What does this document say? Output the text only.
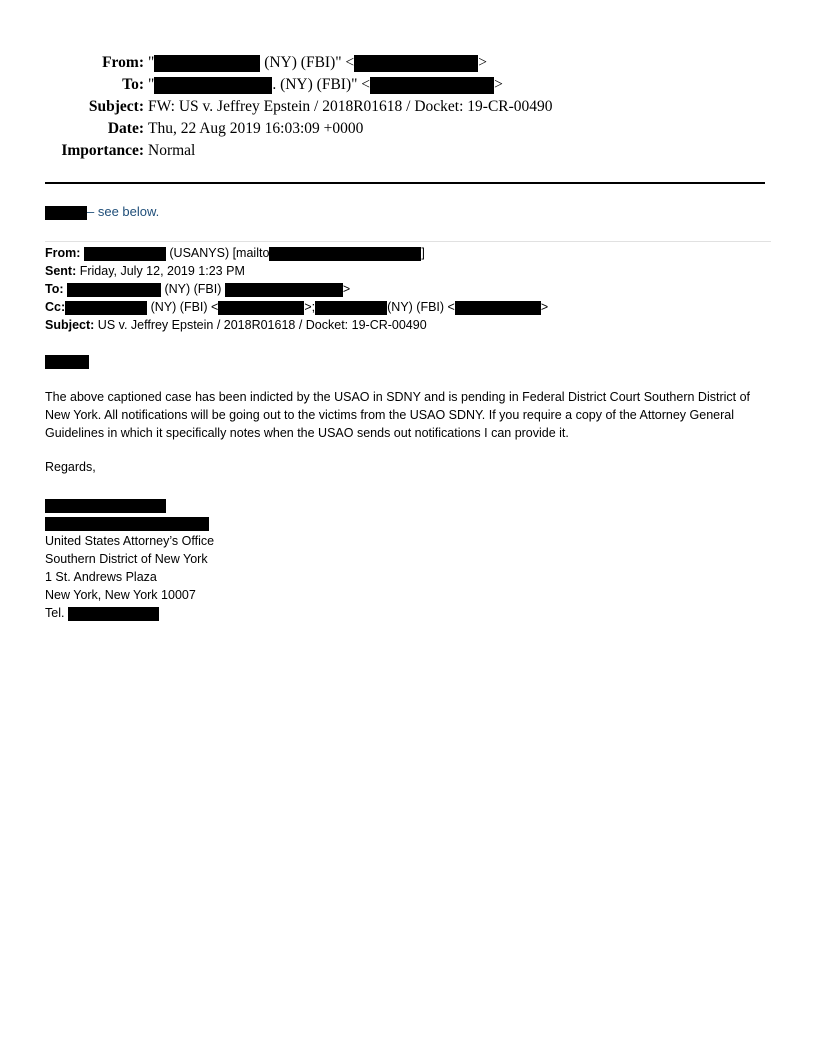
From: "	(NY) (FBI)" <	>
To: "	. (NY) (FBI)" <	>
Subject: FW: US v. Jeffrey Epstein / 2018R01618 / Docket: 19-CR-00490
Date: Thu, 22 Aug 2019 16:03:09 +0000
Importance: Normal
– see below.
From:	(USANYS) [mailto	]
Sent: Friday, July 12, 2019 1:23 PM
To:	(NY) (FBI)	>
Cc:	(NY) (FBI) <	>;	(NY) (FBI) <	>
Subject: US v. Jeffrey Epstein / 2018R01618 / Docket: 19-CR-00490
The above captioned case has been indicted by the USAO in SDNY and is pending in Federal District Court Southern District of New York. All notifications will be going out to the victims from the USAO SDNY. If you require a copy of the Attorney General Guidelines in which it specifically notes when the USAO sends out notifications I can provide it.
Regards,
United States Attorney’s Office
Southern District of New York
1 St. Andrews Plaza
New York, New York 10007
Tel.
